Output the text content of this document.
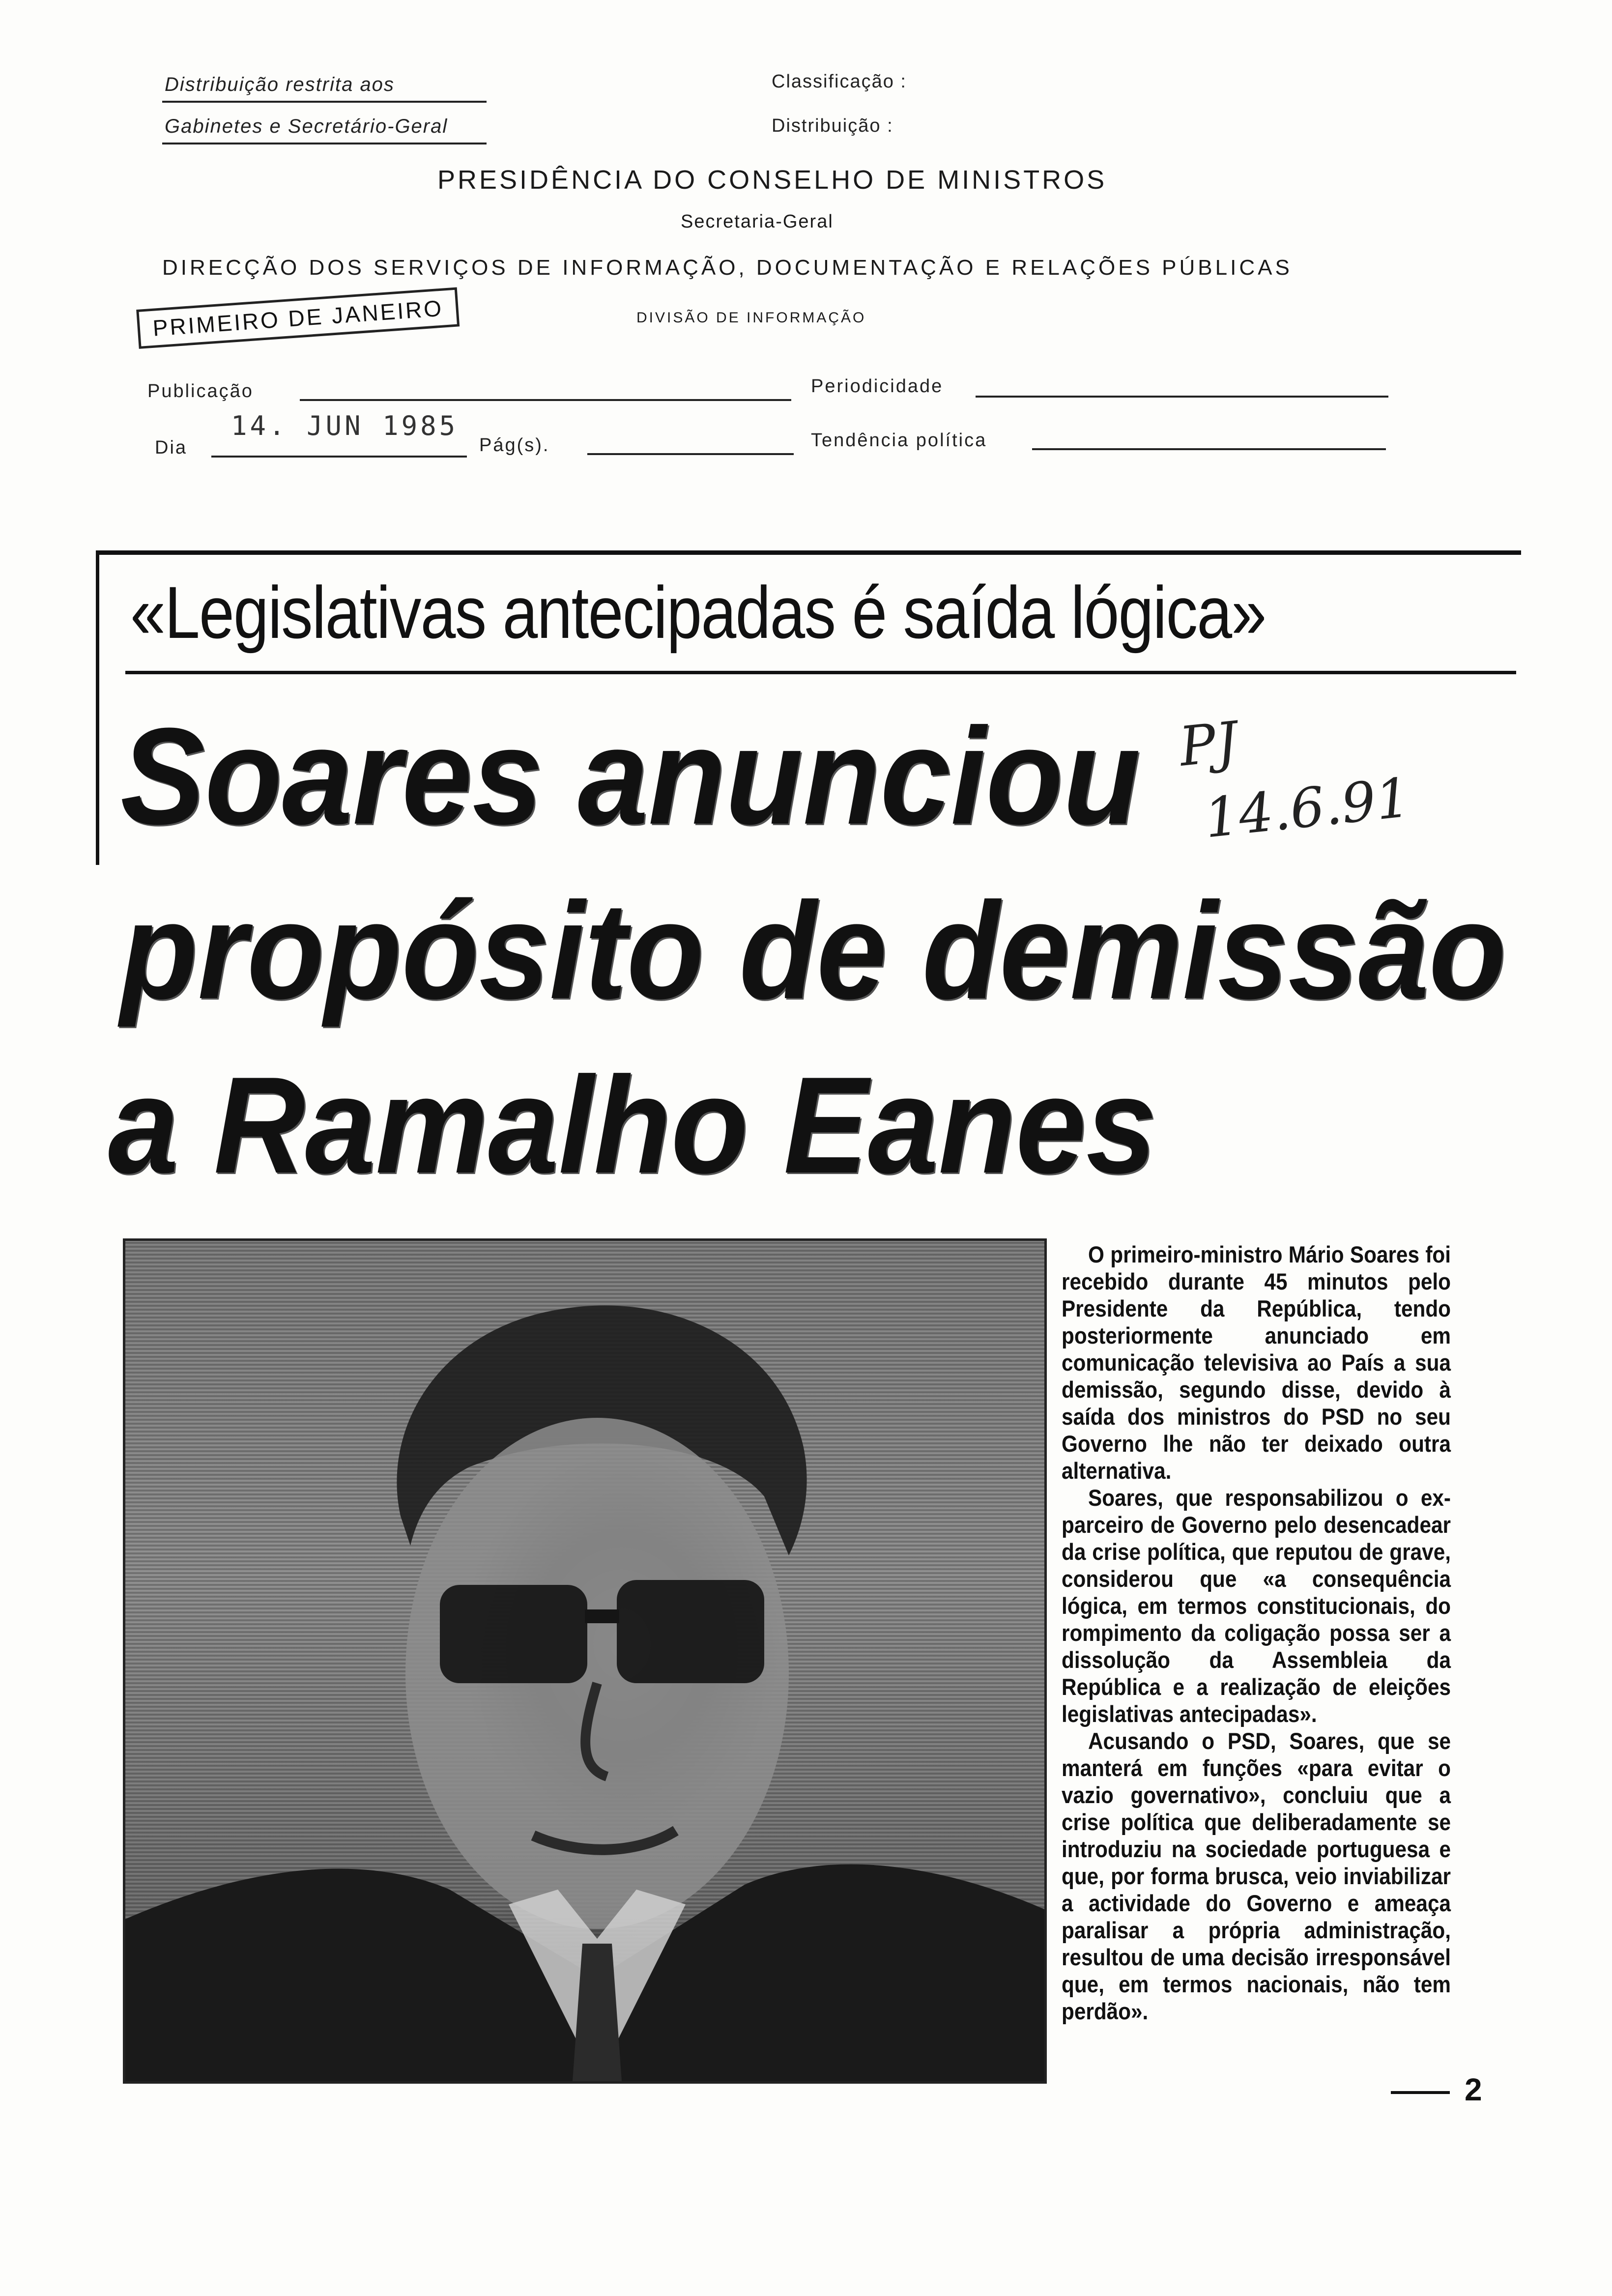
Distribuição restrita aos
Gabinetes e Secretário-Geral
Classificação :
Distribuição :
PRESIDÊNCIA DO CONSELHO DE MINISTROS
Secretaria-Geral
DIRECÇÃO DOS SERVIÇOS DE INFORMAÇÃO, DOCUMENTAÇÃO E RELAÇÕES PÚBLICAS
DIVISÃO DE INFORMAÇÃO
PRIMEIRO DE JANEIRO
Publicação	Periodicidade
Dia
14. JUN 1985
Pág(s).	Tendência política
«Legislativas antecipadas é saída lógica»
Soares anunciou
propósito de demissão
a Ramalho Eanes
PJ
14.6.91

O primeiro-ministro Mário Soares foi recebido durante 45 minutos pelo Presidente da República, tendo posteriormente anunciado em comunicação televisiva ao País a sua demissão, segundo disse, devido à saída dos ministros do PSD no seu Governo lhe não ter deixado outra alternativa.

Soares, que responsabilizou o ex-parceiro de Governo pelo desencadear da crise política, que reputou de grave, considerou que «a consequência lógica, em termos constitucionais, do rompimento da coligação possa ser a dissolução da Assembleia da República e a realização de eleições legislativas antecipadas».

Acusando o PSD, Soares, que se manterá em funções «para evitar o vazio governativo», concluiu que a crise política que deliberadamente se introduziu na sociedade portuguesa e que, por forma brusca, veio inviabilizar a actividade do Governo e ameaça paralisar a própria administração, resultou de uma decisão irresponsável que, em termos nacionais, não tem perdão».

2
